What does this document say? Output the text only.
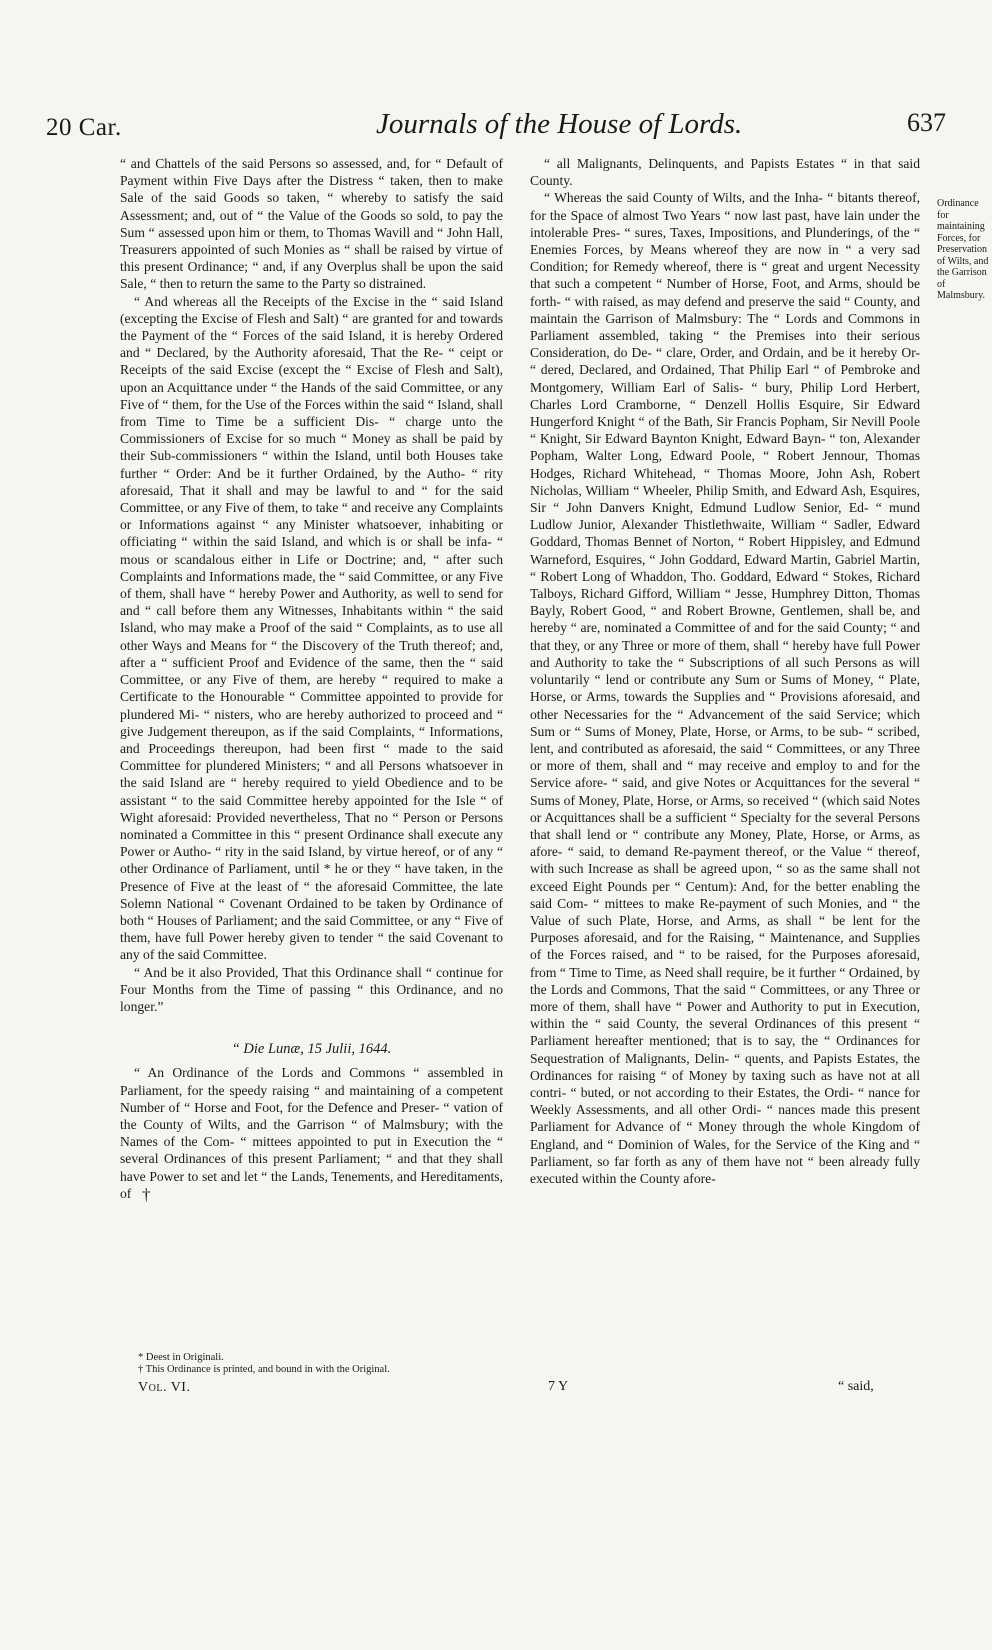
20 Car.	Journals of the House of Lords.	637

“ and Chattels of the said Persons so assessed, and, for “ Default of Payment within Five Days after the Distress “ taken, then to make Sale of the said Goods so taken, “ whereby to satisfy the said Assessment; and, out of “ the Value of the Goods so sold, to pay the Sum “ assessed upon him or them, to Thomas Wavill and “ John Hall, Treasurers appointed of such Monies as “ shall be raised by virtue of this present Ordinance; “ and, if any Overplus shall be upon the said Sale, “ then to return the same to the Party so distrained.

“ And whereas all the Receipts of the Excise in the “ said Island (excepting the Excise of Flesh and Salt) “ are granted for and towards the Payment of the “ Forces of the said Island, it is hereby Ordered and “ Declared, by the Authority aforesaid, That the Re- “ ceipt or Receipts of the said Excise (except the “ Excise of Flesh and Salt), upon an Acquittance under “ the Hands of the said Committee, or any Five of “ them, for the Use of the Forces within the said “ Island, shall from Time to Time be a sufficient Dis- “ charge unto the Commissioners of Excise for so much “ Money as shall be paid by their Sub-commissioners “ within the Island, until both Houses take further “ Order: And be it further Ordained, by the Autho- “ rity aforesaid, That it shall and may be lawful to and “ for the said Committee, or any Five of them, to take “ and receive any Complaints or Informations against “ any Minister whatsoever, inhabiting or officiating “ within the said Island, and which is or shall be infa- “ mous or scandalous either in Life or Doctrine; and, “ after such Complaints and Informations made, the “ said Committee, or any Five of them, shall have “ hereby Power and Authority, as well to send for and “ call before them any Witnesses, Inhabitants within “ the said Island, who may make a Proof of the said “ Complaints, as to use all other Ways and Means for “ the Discovery of the Truth thereof; and, after a “ sufficient Proof and Evidence of the same, then the “ said Committee, or any Five of them, are hereby “ required to make a Certificate to the Honourable “ Committee appointed to provide for plundered Mi- “ nisters, who are hereby authorized to proceed and “ give Judgement thereupon, as if the said Complaints, “ Informations, and Proceedings thereupon, had been first “ made to the said Committee for plundered Ministers; “ and all Persons whatsoever in the said Island are “ hereby required to yield Obedience and to be assistant “ to the said Committee hereby appointed for the Isle “ of Wight aforesaid: Provided nevertheless, That no “ Person or Persons nominated a Committee in this “ present Ordinance shall execute any Power or Autho- “ rity in the said Island, by virtue hereof, or of any “ other Ordinance of Parliament, until * he or they “ have taken, in the Presence of Five at the least of “ the aforesaid Committee, the late Solemn National “ Covenant Ordained to be taken by Ordinance of both “ Houses of Parliament; and the said Committee, or any “ Five of them, have full Power hereby given to tender “ the said Covenant to any of the said Committee.

“ And be it also Provided, That this Ordinance shall “ continue for Four Months from the Time of passing “ this Ordinance, and no longer.”

“ Die Lunæ, 15 Julii, 1644.

“ An Ordinance of the Lords and Commons “ assembled in Parliament, for the speedy raising “ and maintaining of a competent Number of “ Horse and Foot, for the Defence and Preser- “ vation of the County of Wilts, and the Garrison “ of Malmsbury; with the Names of the Com- “ mittees appointed to put in Execution the “ several Ordinances of this present Parliament; “ and that they shall have Power to set and let “ the Lands, Tenements, and Hereditaments, of †

“ all Malignants, Delinquents, and Papists Estates “ in that said County.

“ Whereas the said County of Wilts, and the Inha- “ bitants thereof, for the Space of almost Two Years “ now last past, have lain under the intolerable Pres- “ sures, Taxes, Impositions, and Plunderings, of the “ Enemies Forces, by Means whereof they are now in “ a very sad Condition; for Remedy whereof, there is “ great and urgent Necessity that such a competent “ Number of Horse, Foot, and Arms, should be forth- “ with raised, as may defend and preserve the said “ County, and maintain the Garrison of Malmsbury: The “ Lords and Commons in Parliament assembled, taking “ the Premises into their serious Consideration, do De- “ clare, Order, and Ordain, and be it hereby Or- “ dered, Declared, and Ordained, That Philip Earl “ of Pembroke and Montgomery, William Earl of Salis- “ bury, Philip Lord Herbert, Charles Lord Cramborne, “ Denzell Hollis Esquire, Sir Edward Hungerford Knight “ of the Bath, Sir Francis Popham, Sir Nevill Poole “ Knight, Sir Edward Baynton Knight, Edward Bayn- “ ton, Alexander Popham, Walter Long, Edward Poole, “ Robert Jennour, Thomas Hodges, Richard Whitehead, “ Thomas Moore, John Ash, Robert Nicholas, William “ Wheeler, Philip Smith, and Edward Ash, Esquires, Sir “ John Danvers Knight, Edmund Ludlow Senior, Ed- “ mund Ludlow Junior, Alexander Thistlethwaite, William “ Sadler, Edward Goddard, Thomas Bennet of Norton, “ Robert Hippisley, and Edmund Warneford, Esquires, “ John Goddard, Edward Martin, Gabriel Martin, “ Robert Long of Whaddon, Tho. Goddard, Edward “ Stokes, Richard Talboys, Richard Gifford, William “ Jesse, Humphrey Ditton, Thomas Bayly, Robert Good, “ and Robert Browne, Gentlemen, shall be, and hereby “ are, nominated a Committee of and for the said County; “ and that they, or any Three or more of them, shall “ hereby have full Power and Authority to take the “ Subscriptions of all such Persons as will voluntarily “ lend or contribute any Sum or Sums of Money, “ Plate, Horse, or Arms, towards the Supplies and “ Provisions aforesaid, and other Necessaries for the “ Advancement of the said Service; which Sum or “ Sums of Money, Plate, Horse, or Arms, to be sub- “ scribed, lent, and contributed as aforesaid, the said “ Committees, or any Three or more of them, shall and “ may receive and employ to and for the Service afore- “ said, and give Notes or Acquittances for the several “ Sums of Money, Plate, Horse, or Arms, so received “ (which said Notes or Acquittances shall be a sufficient “ Specialty for the several Persons that shall lend or “ contribute any Money, Plate, Horse, or Arms, as afore- “ said, to demand Re-payment thereof, or the Value “ thereof, with such Increase as shall be agreed upon, “ so as the same shall not exceed Eight Pounds per “ Centum): And, for the better enabling the said Com- “ mittees to make Re-payment of such Monies, and “ the Value of such Plate, Horse, and Arms, as shall “ be lent for the Purposes aforesaid, and for the Raising, “ Maintenance, and Supplies of the Forces raised, and “ to be raised, for the Purposes aforesaid, from “ Time to Time, as Need shall require, be it further “ Ordained, by the Lords and Commons, That the said “ Committees, or any Three or more of them, shall have “ Power and Authority to put in Execution, within the “ said County, the several Ordinances of this present “ Parliament hereafter mentioned; that is to say, the “ Ordinances for Sequestration of Malignants, Delin- “ quents, and Papists Estates, the Ordinances for raising “ of Money by taxing such as have not at all contri- “ buted, or not according to their Estates, the Ordi- “ nance for Weekly Assessments, and all other Ordi- “ nances made this present Parliament for Advance of “ Money through the whole Kingdom of England, and “ Dominion of Wales, for the Service of the King and “ Parliament, so far forth as any of them have not “ been already fully executed within the County afore-

Ordinance for maintaining Forces, for Preservation of Wilts, and the Garrison of Malmsbury.
* Deest in Originali.
† This Ordinance is printed, and bound in with the Original.
Vol. VI.	7 Y	“ said,
